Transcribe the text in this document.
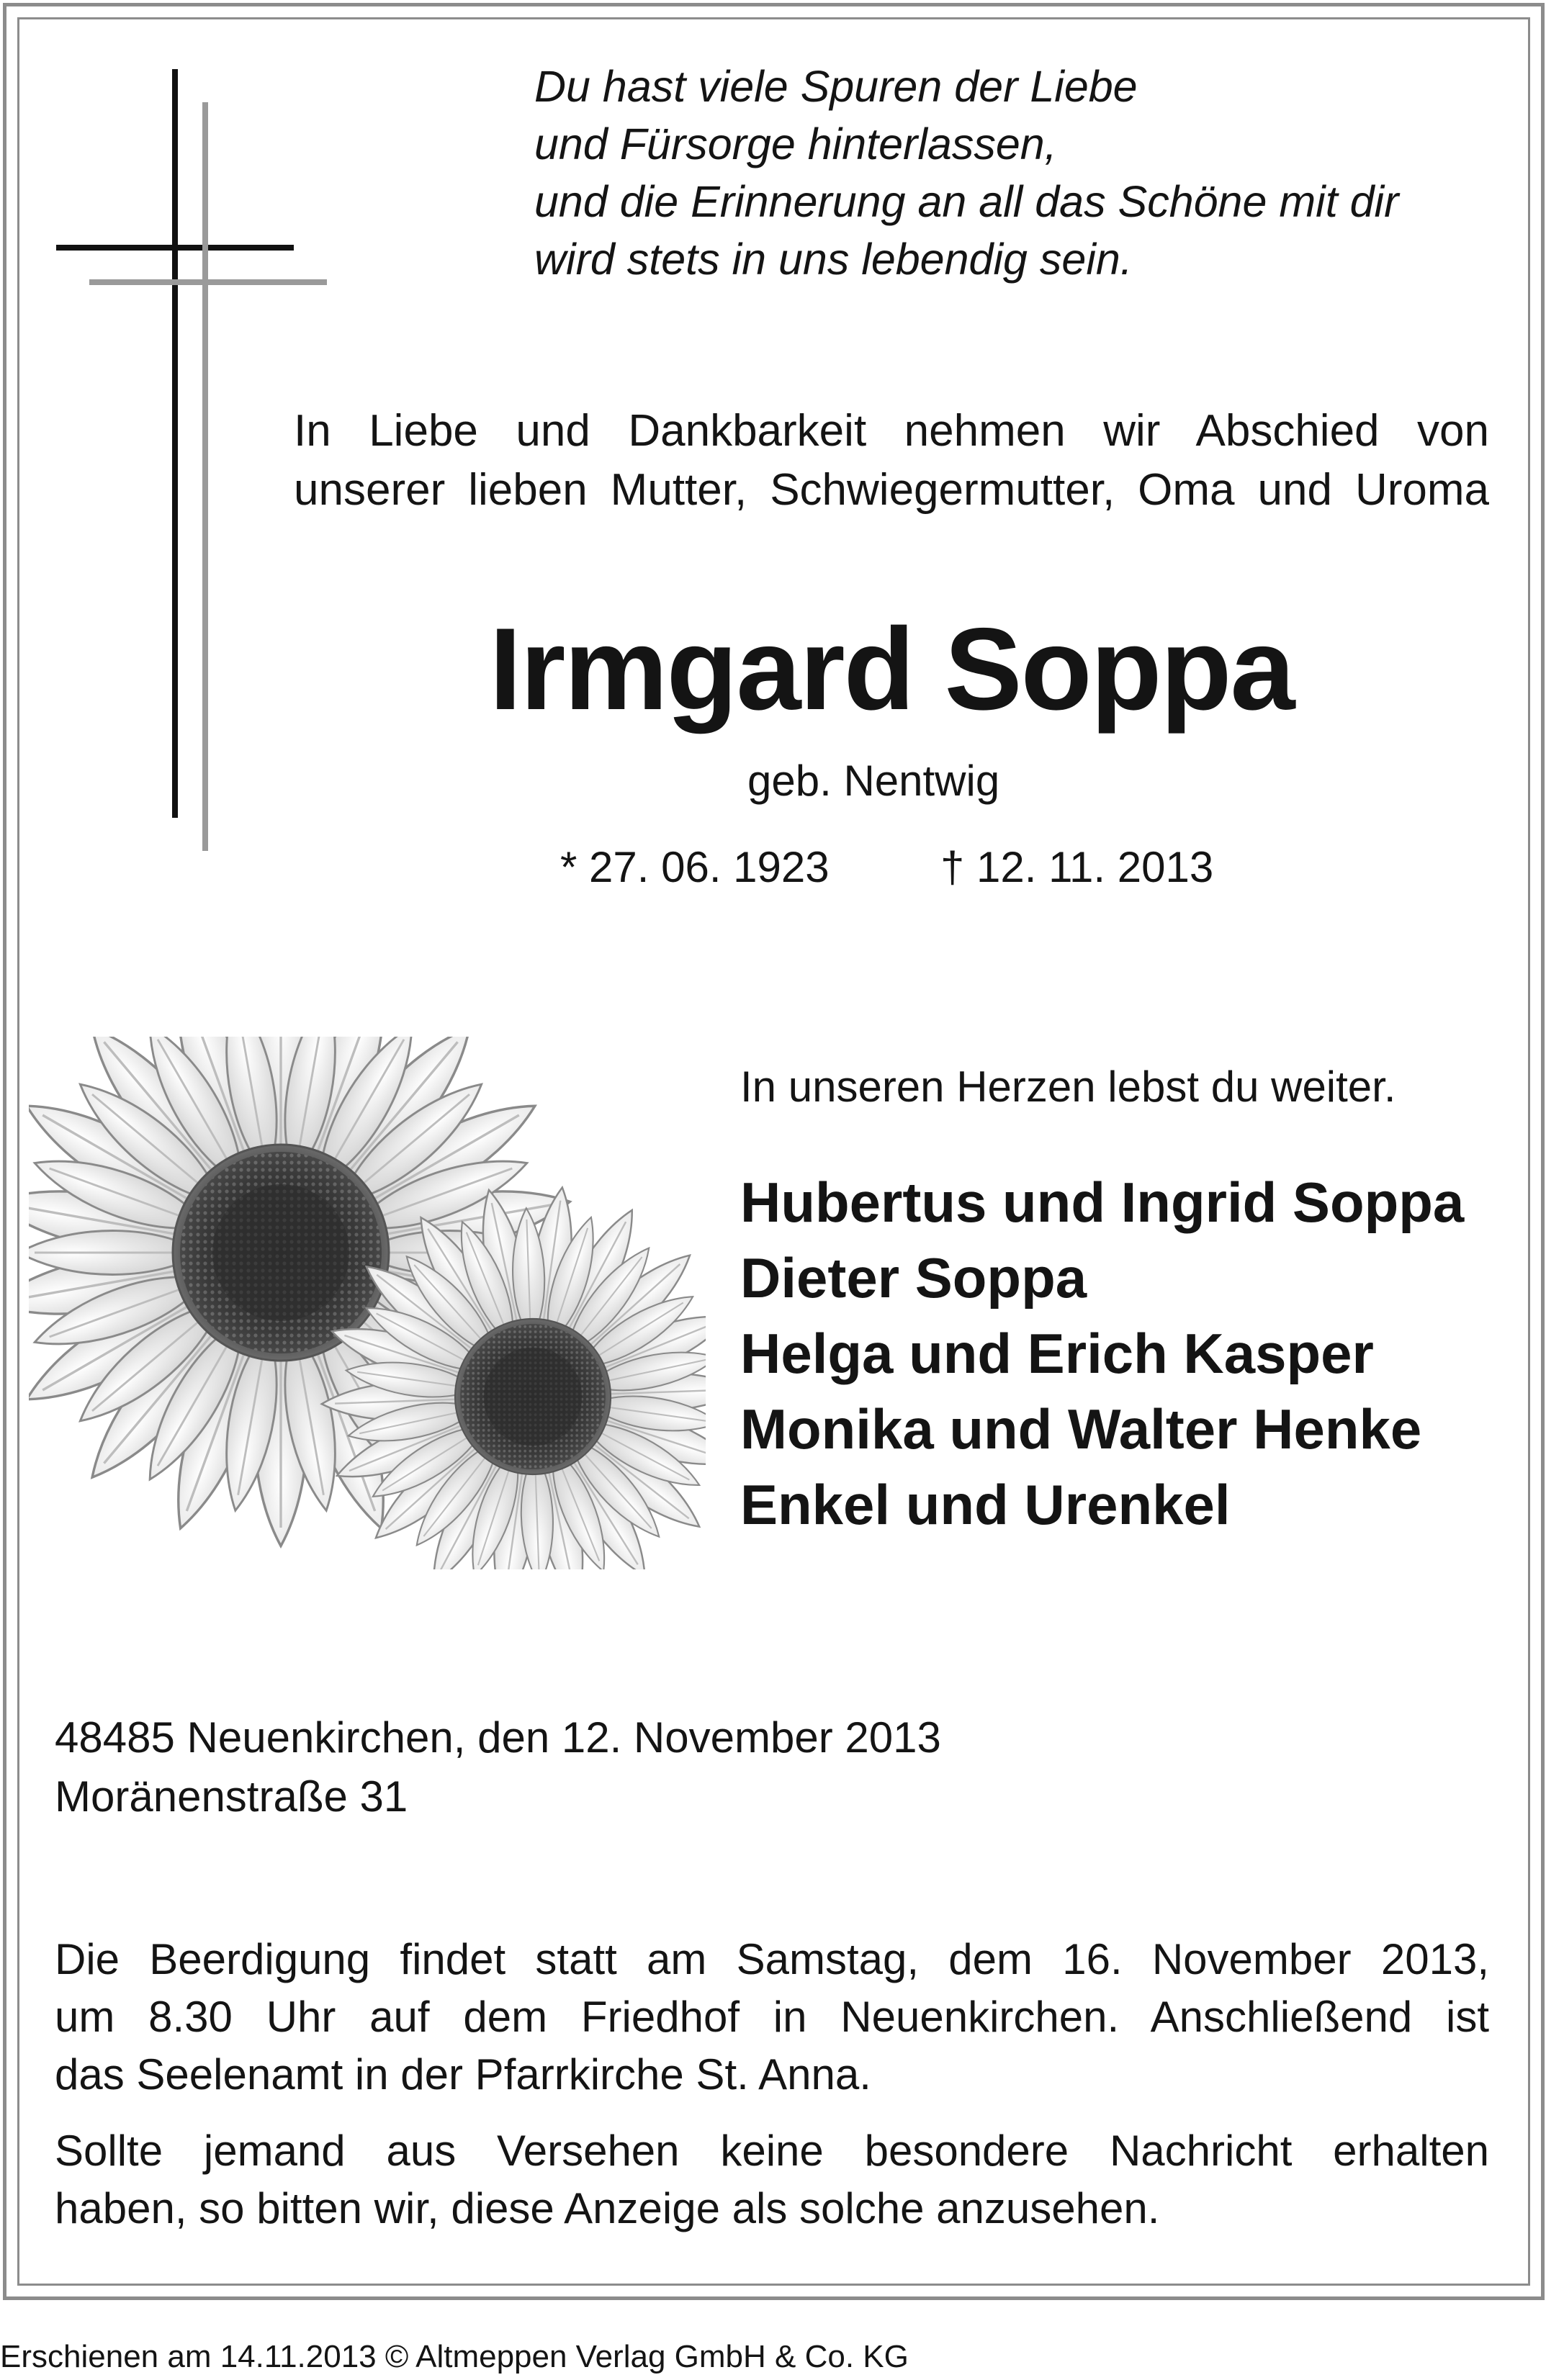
Du hast viele Spuren der Liebe
und Fürsorge hinterlassen,
und die Erinnerung an all das Schöne mit dir
wird stets in uns lebendig sein.
In Liebe und Dankbarkeit nehmen wir Abschied von
unserer lieben Mutter, Schwiegermutter, Oma und Uroma
Irmgard Soppa
geb. Nentwig
* 27. 06. 1923	† 12. 11. 2013
In unseren Herzen lebst du weiter.
Hubertus und Ingrid Soppa
Dieter Soppa
Helga und Erich Kasper
Monika und Walter Henke
Enkel und Urenkel
48485 Neuenkirchen, den 12. November 2013
Moränenstraße 31
Die Beerdigung findet statt am Samstag, dem 16. November 2013,
um 8.30 Uhr auf dem Friedhof in Neuenkirchen. Anschließend ist
das Seelenamt in der Pfarrkirche St. Anna.
Sollte jemand aus Versehen keine besondere Nachricht erhalten
haben, so bitten wir, diese Anzeige als solche anzusehen.
Erschienen am 14.11.2013 © Altmeppen Verlag GmbH & Co. KG
